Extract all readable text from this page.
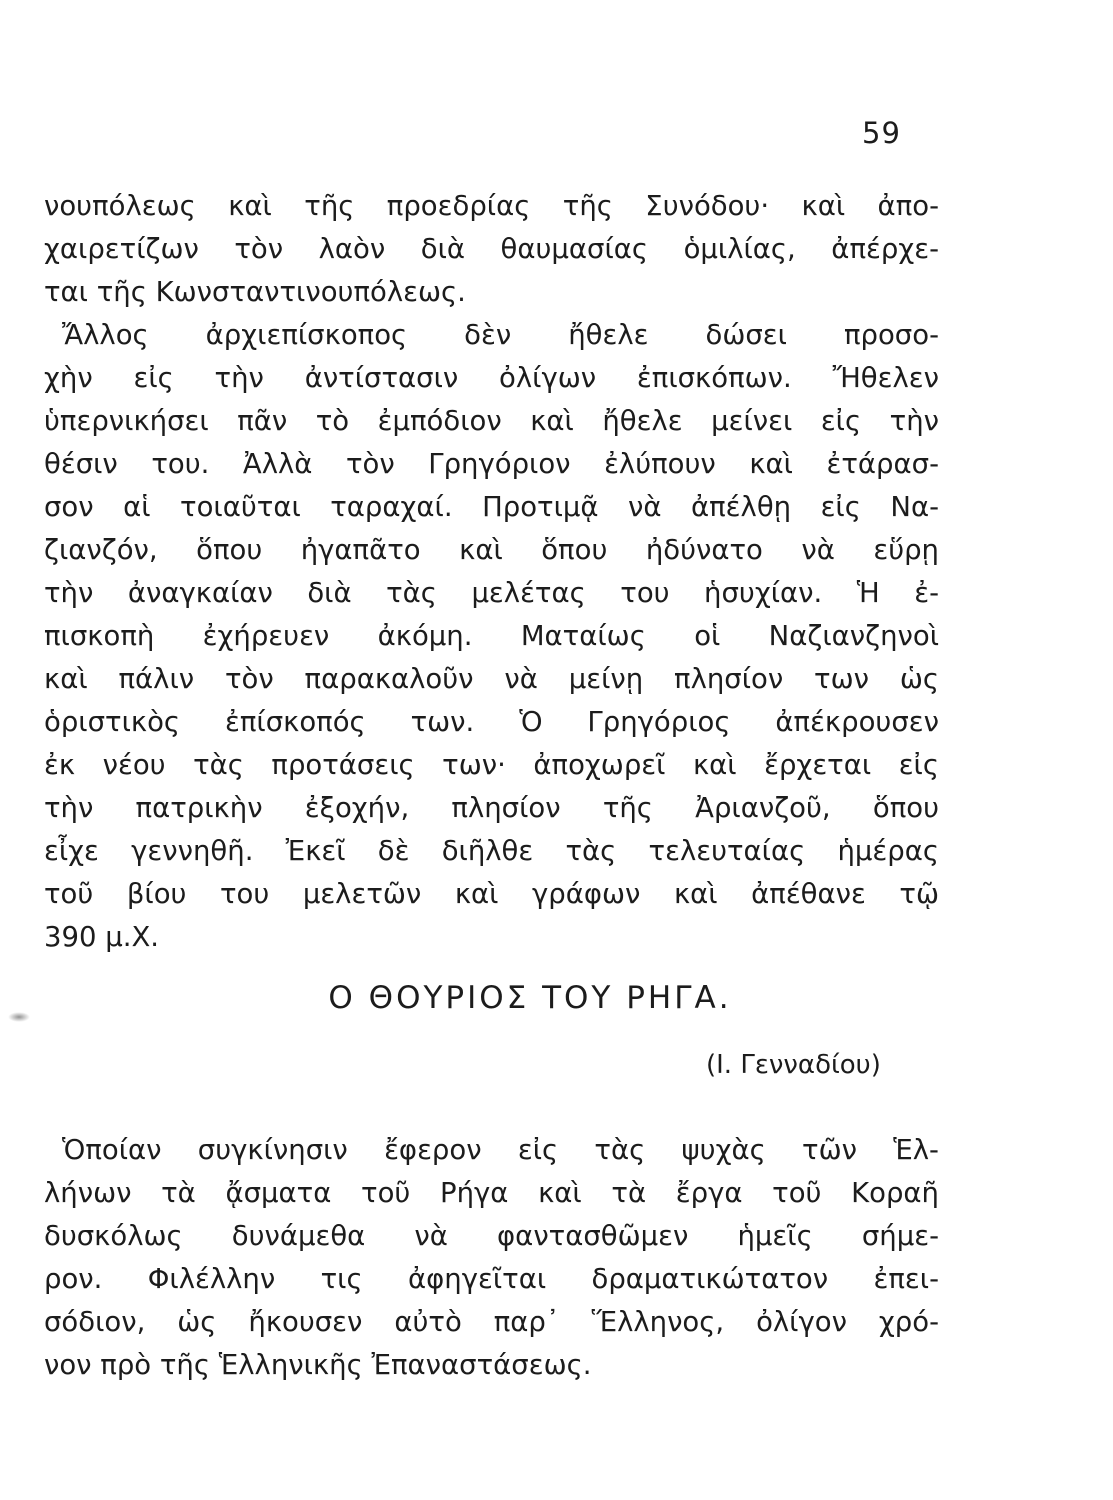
59
νουπόλεως καὶ τῆς προεδρίας τῆς Συνόδου· καὶ ἀπο-
χαιρετίζων τὸν λαὸν διὰ θαυμασίας ὁμιλίας, ἀπέρχε-
ται τῆς Κωνσταντινουπόλεως.
Ἄλλος ἀρχιεπίσκοπος δὲν ἤθελε δώσει προσο-
χὴν εἰς τὴν ἀντίστασιν ὀλίγων ἐπισκόπων. Ἤθελεν
ὑπερνικήσει πᾶν τὸ ἐμπόδιον καὶ ἤθελε μείνει εἰς τὴν
θέσιν του. Ἀλλὰ τὸν Γρηγόριον ἐλύπουν καὶ ἐτάρασ-
σον αἱ τοιαῦται ταραχαί. Προτιμᾷ νὰ ἀπέλθῃ εἰς Να-
ζιανζόν, ὅπου ἠγαπᾶτο καὶ ὅπου ἠδύνατο νὰ εὕρῃ
τὴν ἀναγκαίαν διὰ τὰς μελέτας του ἡσυχίαν. Ἡ ἐ-
πισκοπὴ ἐχήρευεν ἀκόμη. Ματαίως οἱ Ναζιανζηνοὶ
καὶ πάλιν τὸν παρακαλοῦν νὰ μείνῃ πλησίον των ὡς
ὁριστικὸς ἐπίσκοπός των. Ὁ Γρηγόριος ἀπέκρουσεν
ἐκ νέου τὰς προτάσεις των· ἀποχωρεῖ καὶ ἔρχεται εἰς
τὴν πατρικὴν ἐξοχήν, πλησίον τῆς Ἀριανζοῦ, ὅπου
εἶχε γεννηθῆ. Ἐκεῖ δὲ διῆλθε τὰς τελευταίας ἡμέρας
τοῦ βίου του μελετῶν καὶ γράφων καὶ ἀπέθανε τῷ
390 μ.Χ.
Ο ΘΟΥΡΙΟΣ ΤΟΥ ΡΗΓΑ.
(Ι. Γενναδίου)
Ὁποίαν συγκίνησιν ἔφερον εἰς τὰς ψυχὰς τῶν Ἑλ-
λήνων τὰ ᾄσματα τοῦ Ρήγα καὶ τὰ ἔργα τοῦ Κοραῆ
δυσκόλως δυνάμεθα νὰ φαντασθῶμεν ἡμεῖς σήμε-
ρον. Φιλέλλην τις ἀφηγεῖται δραματικώτατον ἐπει-
σόδιον, ὡς ἤκουσεν αὐτὸ παρ᾽ Ἕλληνος, ὀλίγον χρό-
νον πρὸ τῆς Ἑλληνικῆς Ἐπαναστάσεως.
